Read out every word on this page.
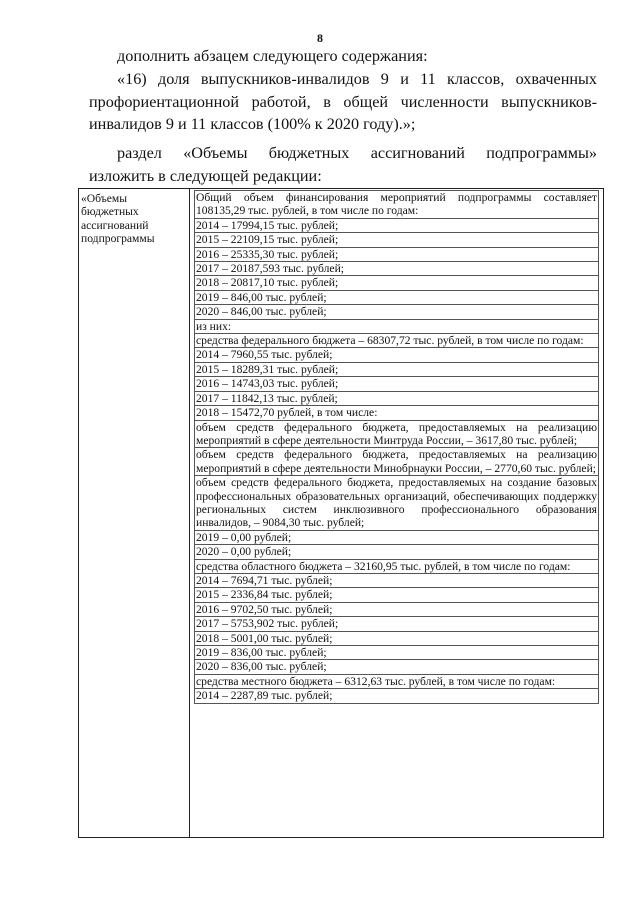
8
дополнить абзацем следующего содержания:
«16) доля выпускников-инвалидов 9 и 11 классов, охваченных
профориентационной работой, в общей численности выпускников-
инвалидов 9 и 11 классов (100% к 2020 году).»;
раздел «Объемы бюджетных ассигнований подпрограммы»
изложить в следующей редакции:
«Объемы
бюджетных
ассигнований
подпрограммы

Общий объем финансирования мероприятий подпрограммы составляет 108135,29 тыс. рублей, в том числе по годам:
2014 – 17994,15 тыс. рублей;
2015 – 22109,15 тыс. рублей;
2016 – 25335,30 тыс. рублей;
2017 – 20187,593 тыс. рублей;
2018 – 20817,10 тыс. рублей;
2019 – 846,00 тыс. рублей;
2020 – 846,00 тыс. рублей;
из них:
средства федерального бюджета – 68307,72 тыс. рублей, в том числе по годам:
2014 – 7960,55 тыс. рублей;
2015 – 18289,31 тыс. рублей;
2016 – 14743,03 тыс. рублей;
2017 – 11842,13 тыс. рублей;
2018 – 15472,70 рублей, в том числе:
объем средств федерального бюджета, предоставляемых на реализацию мероприятий в сфере деятельности Минтруда России, – 3617,80 тыс. рублей;
объем средств федерального бюджета, предоставляемых на реализацию мероприятий в сфере деятельности Минобрнауки России, – 2770,60 тыс. рублей;
объем средств федерального бюджета, предоставляемых на создание базовых профессиональных образовательных организаций, обеспечивающих поддержку региональных систем инклюзивного профессионального образования инвалидов, – 9084,30 тыс. рублей;
2019 – 0,00 рублей;
2020 – 0,00 рублей;
средства областного бюджета – 32160,95 тыс. рублей, в том числе по годам:
2014 – 7694,71 тыс. рублей;
2015 – 2336,84 тыс. рублей;
2016 – 9702,50 тыс. рублей;
2017 – 5753,902 тыс. рублей;
2018 – 5001,00 тыс. рублей;
2019 – 836,00 тыс. рублей;
2020 – 836,00 тыс. рублей;
средства местного бюджета – 6312,63 тыс. рублей, в том числе по годам:
2014 – 2287,89 тыс. рублей;
